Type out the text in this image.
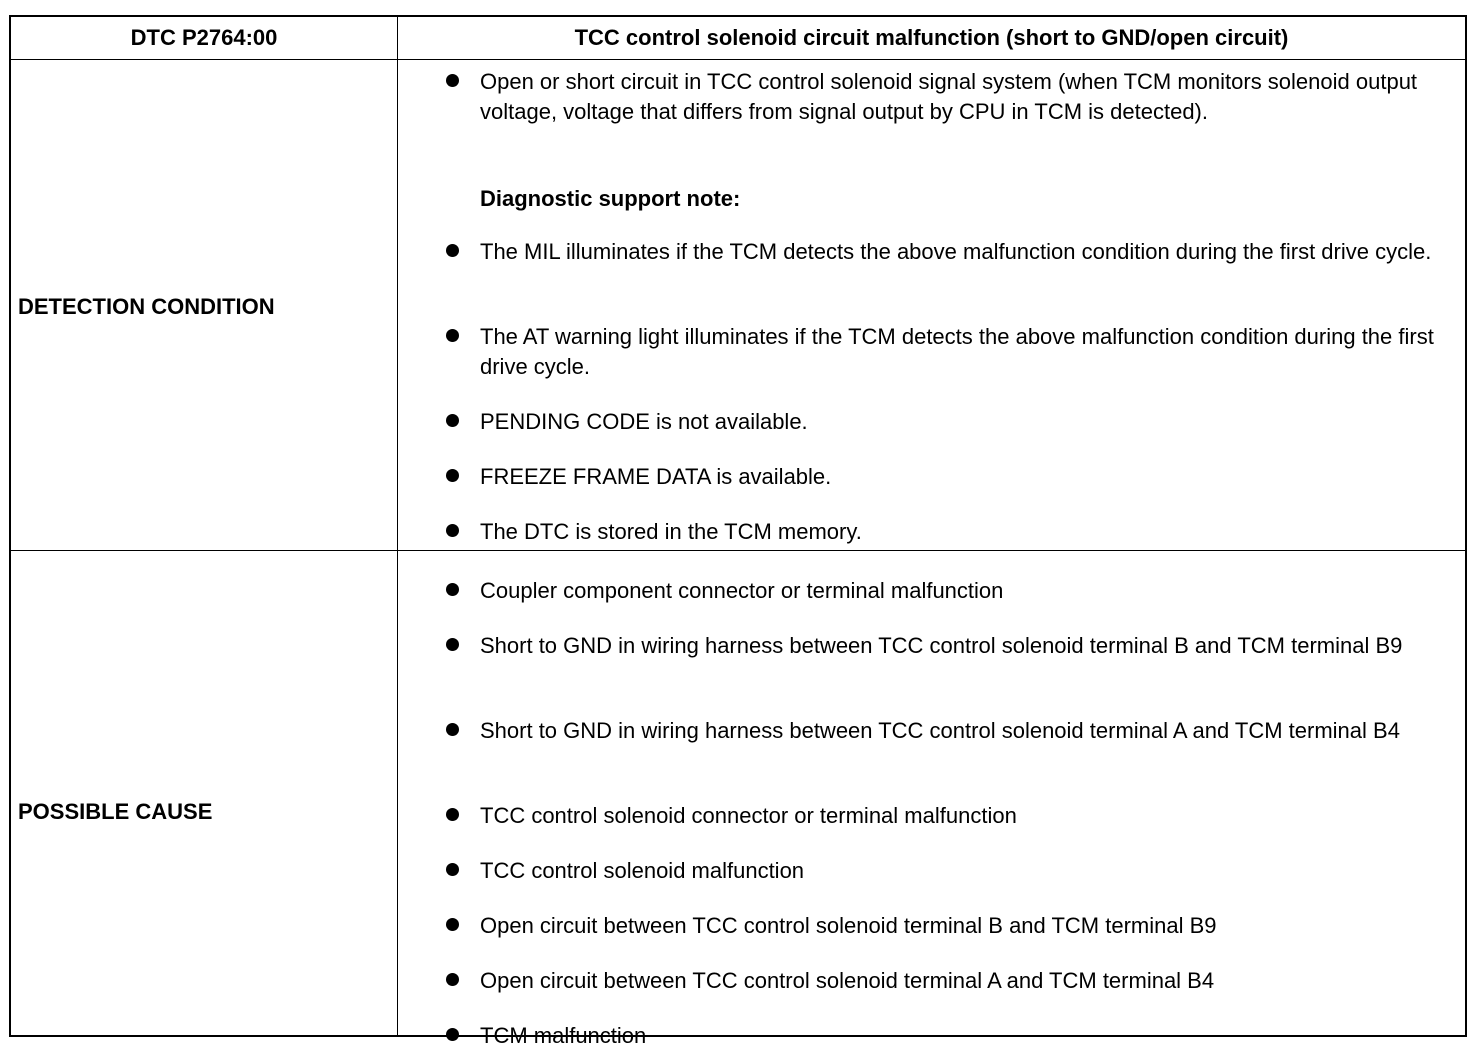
DTC P2764:00	TCC control solenoid circuit malfunction (short to GND/open circuit)
DETECTION CONDITION
Open or short circuit in TCC control solenoid signal system (when TCM monitors solenoid output voltage, voltage that differs from signal output by CPU in TCM is detected).
Diagnostic support note:
The MIL illuminates if the TCM detects the above malfunction condition during the first drive cycle.
The AT warning light illuminates if the TCM detects the above malfunction condition during the first drive cycle.
PENDING CODE is not available.
FREEZE FRAME DATA is available.
The DTC is stored in the TCM memory.
POSSIBLE CAUSE
Coupler component connector or terminal malfunction
Short to GND in wiring harness between TCC control solenoid terminal B and TCM terminal B9
Short to GND in wiring harness between TCC control solenoid terminal A and TCM terminal B4
TCC control solenoid connector or terminal malfunction
TCC control solenoid malfunction
Open circuit between TCC control solenoid terminal B and TCM terminal B9
Open circuit between TCC control solenoid terminal A and TCM terminal B4
TCM malfunction
